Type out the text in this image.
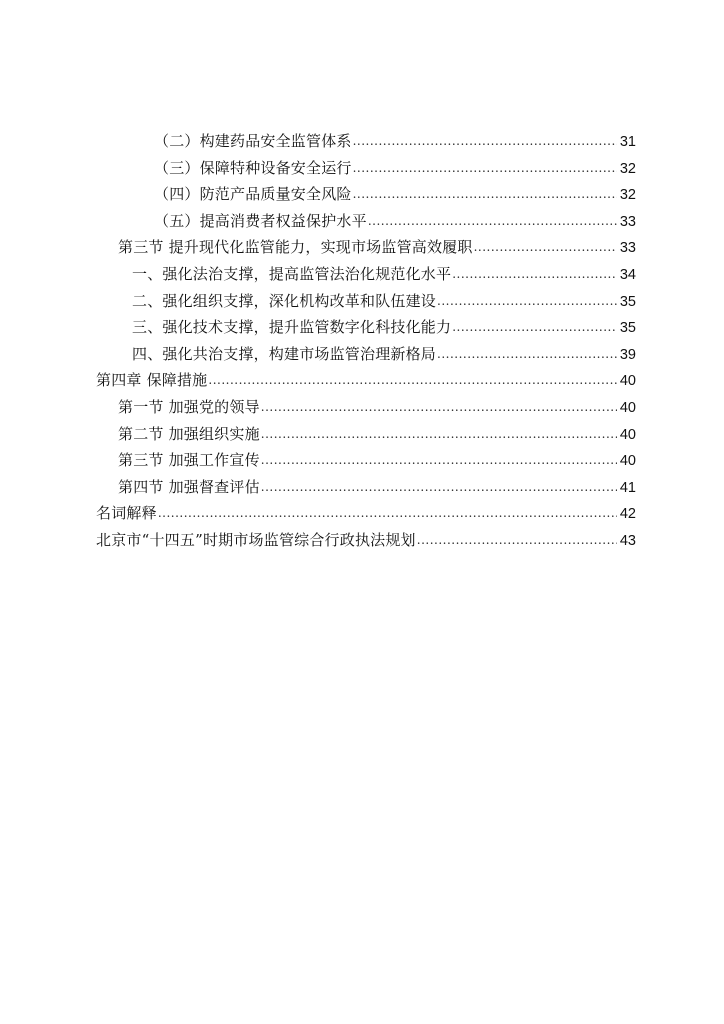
（二）构建药品安全监管体系 .....	31
（三）保障特种设备安全运行 .....	32
（四）防范产品质量安全风险 .....	32
（五）提高消费者权益保护水平 .....	33
第三节 提升现代化监管能力，实现市场监管高效履职 .....	33
一、强化法治支撑，提高监管法治化规范化水平 .....	34
二、强化组织支撑，深化机构改革和队伍建设 .....	35
三、强化技术支撑，提升监管数字化科技化能力 .....	35
四、强化共治支撑，构建市场监管治理新格局 .....	39
第四章 保障措施 .....	40
第一节 加强党的领导 .....	40
第二节 加强组织实施 .....	40
第三节 加强工作宣传 .....	40
第四节 加强督查评估 .....	41
名词解释 .....	42
北京市“十四五”时期市场监管综合行政执法规划 .....	43
